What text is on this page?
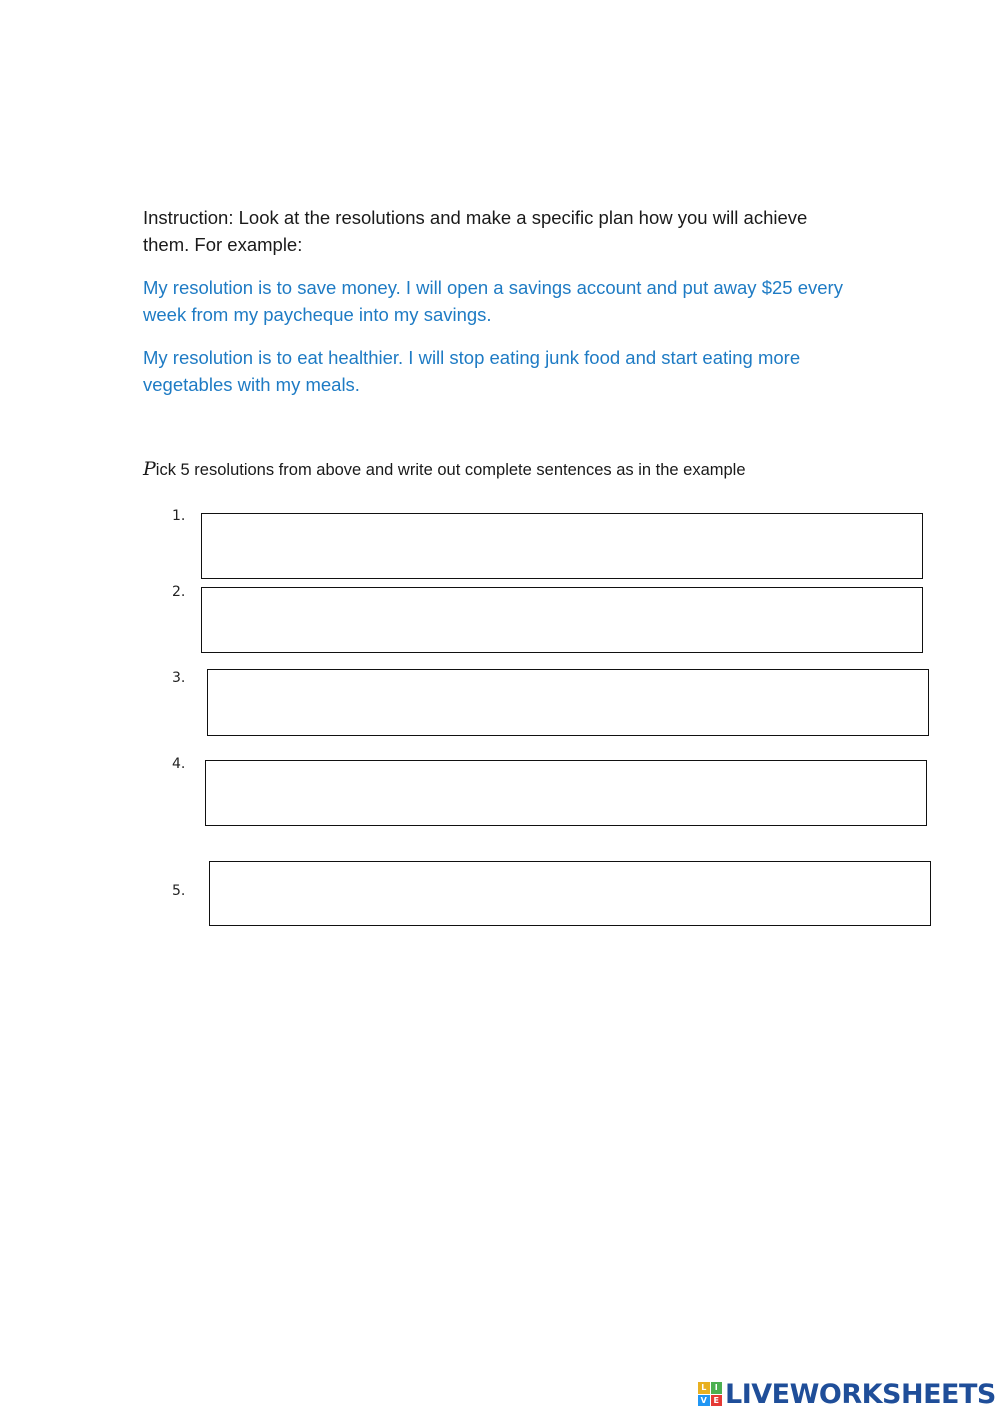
Instruction: Look at the resolutions and make a specific plan how you will achieve them. For example:

My resolution is to save money. I will open a savings account and put away $25 every week from my paycheque into my savings.

My resolution is to eat healthier. I will stop eating junk food and start eating more vegetables with my meals.

Pick 5 resolutions from above and write out complete sentences as in the example

1.
2.
3.
4.
5.
L	I
V E LIVEWORKSHEETS
